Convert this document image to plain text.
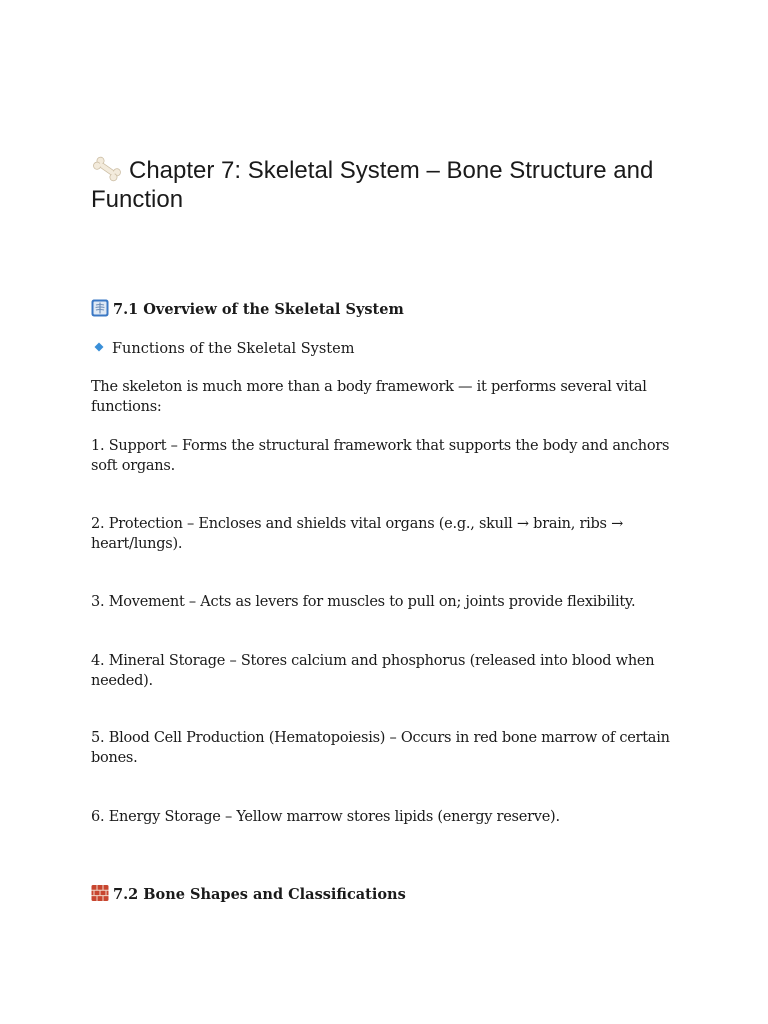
Chapter 7: Skeletal System – Bone Structure and Function
7.1 Overview of the Skeletal System
Functions of the Skeletal System

The skeleton is much more than a body framework — it performs several vital functions:

1. Support – Forms the structural framework that supports the body and anchors soft organs.

2. Protection – Encloses and shields vital organs (e.g., skull → brain, ribs → heart/lungs).

3. Movement – Acts as levers for muscles to pull on; joints provide flexibility.

4. Mineral Storage – Stores calcium and phosphorus (released into blood when needed).

5. Blood Cell Production (Hematopoiesis) – Occurs in red bone marrow of certain bones.

6. Energy Storage – Yellow marrow stores lipids (energy reserve).

7.2 Bone Shapes and Classifications
